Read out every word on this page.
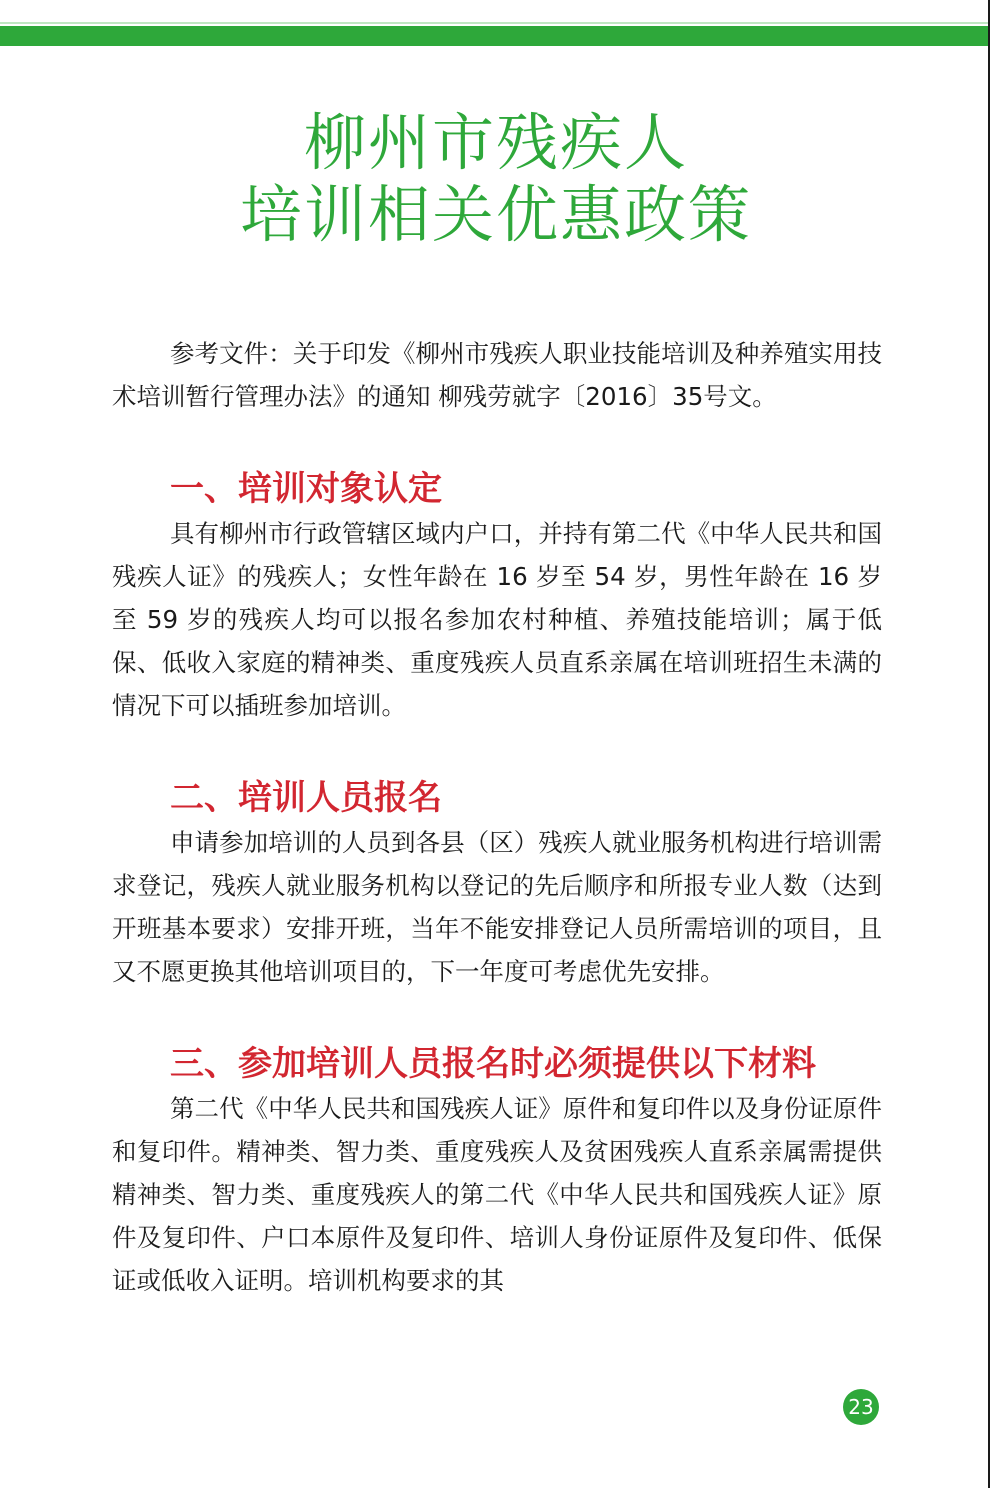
柳州市残疾人
培训相关优惠政策

参考文件：关于印发《柳州市残疾人职业技能培训及种养殖实用技术培训暂行管理办法》的通知 柳残劳就字〔2016〕35号文。

一、培训对象认定

具有柳州市行政管辖区域内户口，并持有第二代《中华人民共和国残疾人证》的残疾人；女性年龄在 16 岁至 54 岁，男性年龄在 16 岁至 59 岁的残疾人均可以报名参加农村种植、养殖技能培训；属于低保、低收入家庭的精神类、重度残疾人员直系亲属在培训班招生未满的情况下可以插班参加培训。

二、培训人员报名

申请参加培训的人员到各县（区）残疾人就业服务机构进行培训需求登记，残疾人就业服务机构以登记的先后顺序和所报专业人数（达到开班基本要求）安排开班，当年不能安排登记人员所需培训的项目，且又不愿更换其他培训项目的，下一年度可考虑优先安排。

三、参加培训人员报名时必须提供以下材料

第二代《中华人民共和国残疾人证》原件和复印件以及身份证原件和复印件。精神类、智力类、重度残疾人及贫困残疾人直系亲属需提供精神类、智力类、重度残疾人的第二代《中华人民共和国残疾人证》原件及复印件、户口本原件及复印件、培训人身份证原件及复印件、低保证或低收入证明。培训机构要求的其

23
